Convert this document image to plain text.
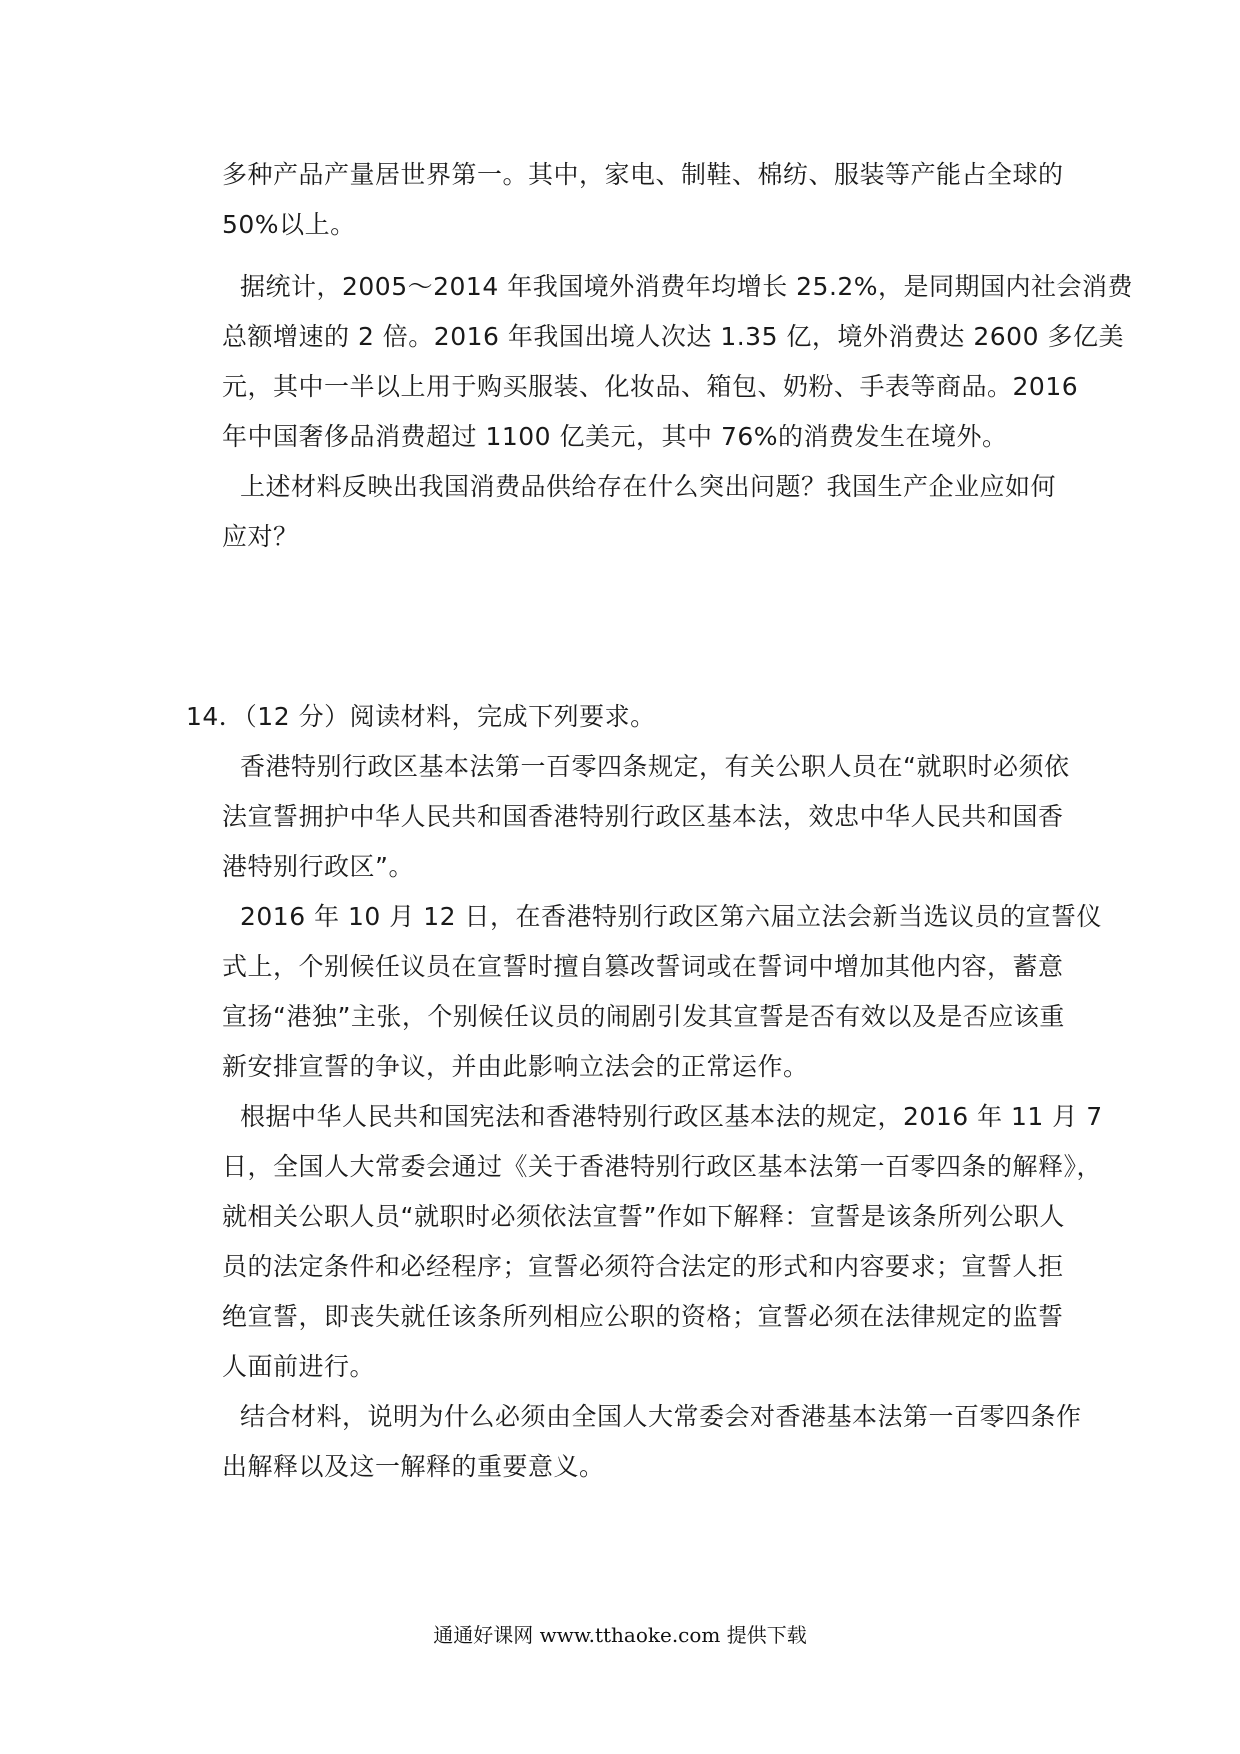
多种产品产量居世界第一。其中，家电、制鞋、棉纺、服装等产能占全球的
50%以上。
据统计，2005～2014 年我国境外消费年均增长 25.2%，是同期国内社会消费
总额增速的 2 倍。2016 年我国出境人次达 1.35 亿，境外消费达 2600 多亿美
元，其中一半以上用于购买服装、化妆品、箱包、奶粉、手表等商品。2016
年中国奢侈品消费超过 1100 亿美元，其中 76%的消费发生在境外。
上述材料反映出我国消费品供给存在什么突出问题？我国生产企业应如何
应对？
14．（12 分）阅读材料，完成下列要求。
香港特别行政区基本法第一百零四条规定，有关公职人员在“就职时必须依
法宣誓拥护中华人民共和国香港特别行政区基本法，效忠中华人民共和国香
港特别行政区”。
2016 年 10 月 12 日，在香港特别行政区第六届立法会新当选议员的宣誓仪
式上，个别候任议员在宣誓时擅自篡改誓词或在誓词中增加其他内容，蓄意
宣扬“港独”主张，个别候任议员的闹剧引发其宣誓是否有效以及是否应该重
新安排宣誓的争议，并由此影响立法会的正常运作。
根据中华人民共和国宪法和香港特别行政区基本法的规定，2016 年 11 月 7
日，全国人大常委会通过《关于香港特别行政区基本法第一百零四条的解释》，
就相关公职人员“就职时必须依法宣誓”作如下解释：宣誓是该条所列公职人
员的法定条件和必经程序；宣誓必须符合法定的形式和内容要求；宣誓人拒
绝宣誓，即丧失就任该条所列相应公职的资格；宣誓必须在法律规定的监誓
人面前进行。
结合材料，说明为什么必须由全国人大常委会对香港基本法第一百零四条作
出解释以及这一解释的重要意义。
通通好课网 www.tthaoke.com 提供下载
